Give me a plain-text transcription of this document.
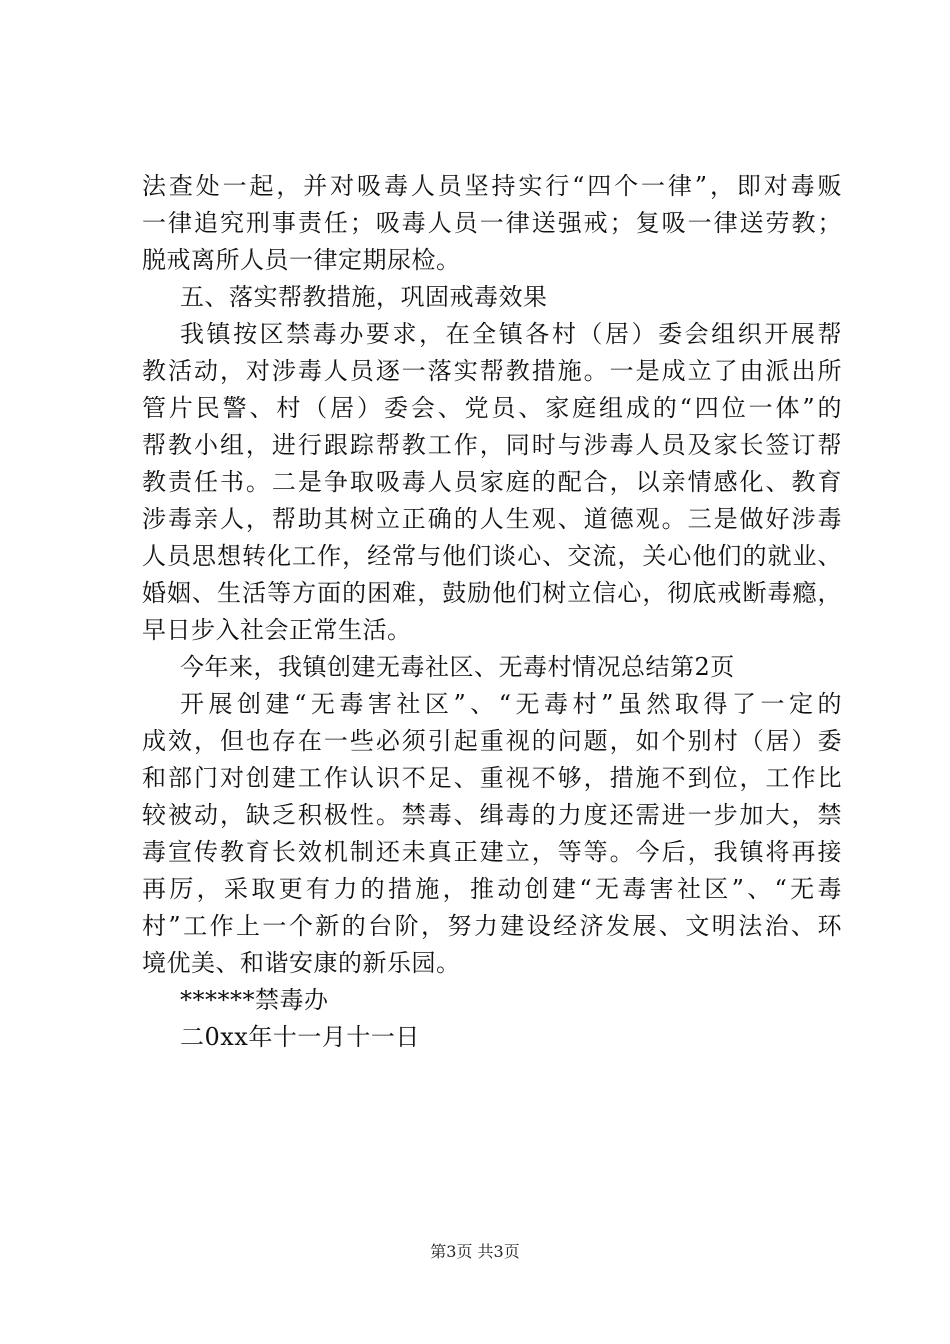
法查处一起，并对吸毒人员坚持实行“四个一律”，即对毒贩
一律追究刑事责任；吸毒人员一律送强戒；复吸一律送劳教；
脱戒离所人员一律定期尿检。
五、落实帮教措施，巩固戒毒效果
我镇按区禁毒办要求，在全镇各村（居）委会组织开展帮
教活动，对涉毒人员逐一落实帮教措施。一是成立了由派出所
管片民警、村（居）委会、党员、家庭组成的“四位一体”的
帮教小组，进行跟踪帮教工作，同时与涉毒人员及家长签订帮
教责任书。二是争取吸毒人员家庭的配合，以亲情感化、教育
涉毒亲人，帮助其树立正确的人生观、道德观。三是做好涉毒
人员思想转化工作，经常与他们谈心、交流，关心他们的就业、
婚姻、生活等方面的困难，鼓励他们树立信心，彻底戒断毒瘾，
早日步入社会正常生活。
今年来，我镇创建无毒社区、无毒村情况总结第2页
开展创建“无毒害社区”、“无毒村”虽然取得了一定的
成效，但也存在一些必须引起重视的问题，如个别村（居）委
和部门对创建工作认识不足、重视不够，措施不到位，工作比
较被动，缺乏积极性。禁毒、缉毒的力度还需进一步加大，禁
毒宣传教育长效机制还未真正建立，等等。今后，我镇将再接
再厉，采取更有力的措施，推动创建“无毒害社区”、“无毒
村”工作上一个新的台阶，努力建设经济发展、文明法治、环
境优美、和谐安康的新乐园。
******禁毒办
二0xx年十一月十一日
第3页 共3页
